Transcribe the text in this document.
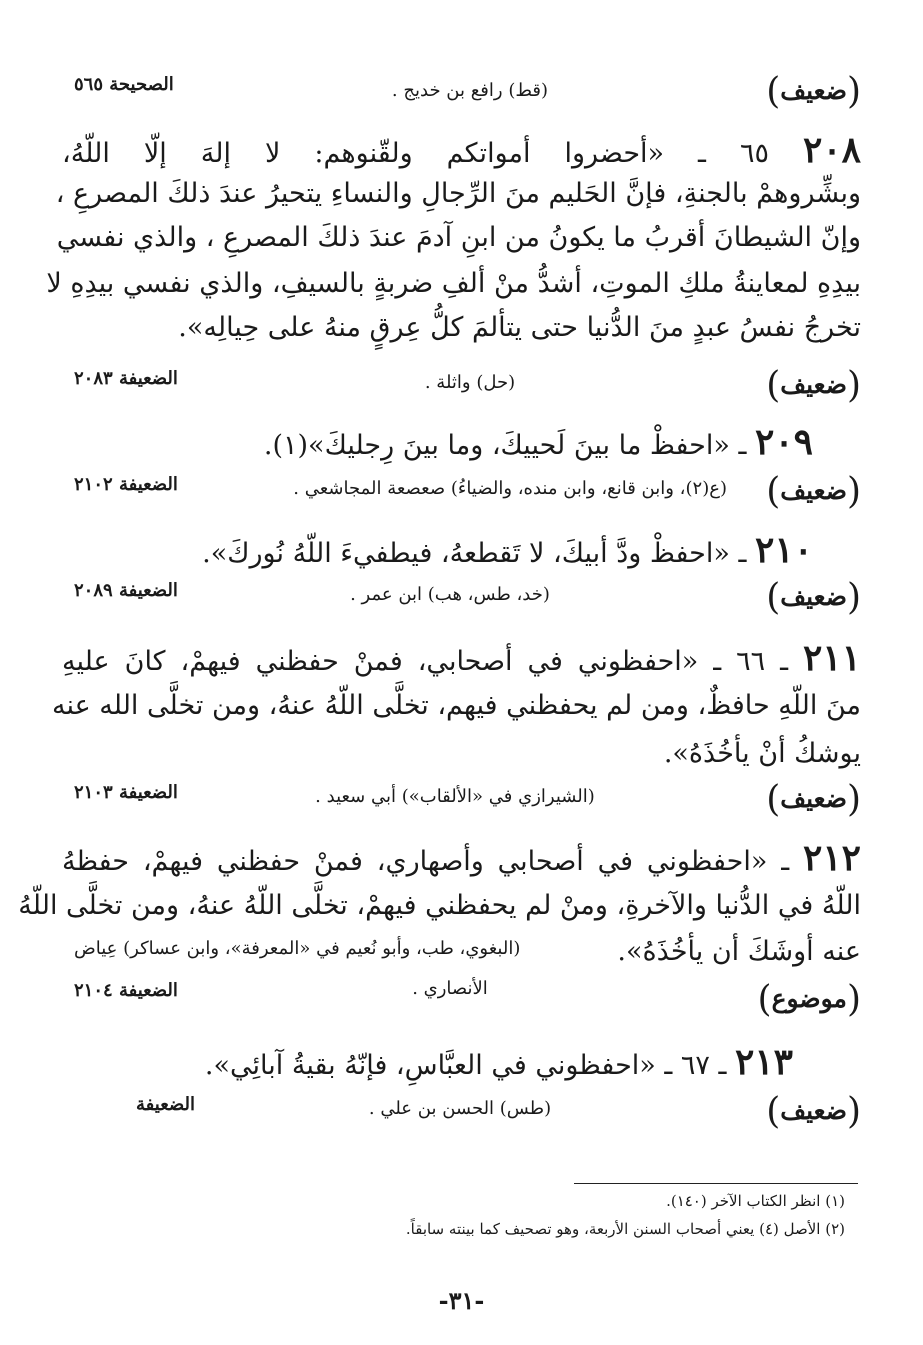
(ضعيف)
(قط) رافع بن خديج .
الصحيحة ٥٦٥
٢٠٨ ٦٥ ـ «أحضروا أمواتكم ولقّنوهم: لا إلهَ إلّا اللّهُ،
وبشِّروهمْ بالجنةِ، فإنَّ الحَليم منَ الرِّجالِ والنساءِ يتحيرُ عندَ ذلكَ المصرعِ ،
وإنّ الشيطانَ أقربُ ما يكونُ من ابنِ آدمَ عندَ ذلكَ المصرعِ ، والذي نفسي
بيدِهِ لمعاينةُ ملكِ الموتِ، أشدُّ منْ ألفِ ضربةٍ بالسيفِ، والذي نفسي بيدِهِ لا
تخرجُ نفسُ عبدٍ منَ الدُّنيا حتى يتألمَ كلُّ عِرقٍ منهُ على حِيالِه».
(ضعيف)
(حل) واثلة .
الضعيفة ٢٠٨٣
٢٠٩ ـ «احفظْ ما بينَ لَحييكَ، وما بينَ رِجليكَ»(١).
(ضعيف)
(ع(٢)، وابن قانع، وابن منده، والضياءُ) صعصعة المجاشعي .
الضعيفة ٢١٠٢
٢١٠ ـ «احفظْ ودَّ أبيكَ، لا تَقطعهُ، فيطفيءَ اللّهُ نُوركَ».
(ضعيف)
(خد، طس، هب) ابن عمر .
الضعيفة ٢٠٨٩
٢١١ ـ ٦٦ ـ «احفظوني في أصحابي، فمنْ حفظني فيهمْ، كانَ عليهِ
منَ اللّهِ حافظٌ، ومن لم يحفظني فيهم، تخلَّى اللّهُ عنهُ، ومن تخلَّى الله عنه
يوشكُ أنْ يأخُذَهُ».
(ضعيف)
(الشيرازي في «الألقاب») أبي سعيد .
الضعيفة ٢١٠٣
٢١٢ ـ «احفظوني في أصحابي وأصهاري، فمنْ حفظني فيهمْ، حفظهُ
اللّهُ في الدُّنيا والآخرةِ، ومنْ لم يحفظني فيهمْ، تخلَّى اللّهُ عنهُ، ومن تخلَّى اللّهُ
عنه أوشَكَ أن يأخُذَهُ».
(البغوي، طب، وأبو نُعيم في «المعرفة»، وابن عساكر) عِياض
الأنصاري .	(موضوع)
الضعيفة ٢١٠٤
٢١٣ ـ ٦٧ ـ «احفظوني في العبَّاسِ، فإنّهُ بقيةُ آبائِي».
(ضعيف)
(طس) الحسن بن علي .
الضعيفة
(١) انظر الكتاب الآخر (١٤٠).
(٢) الأصل (٤) يعني أصحاب السنن الأربعة، وهو تصحيف كما بينته سابقاً.
-٣١-
